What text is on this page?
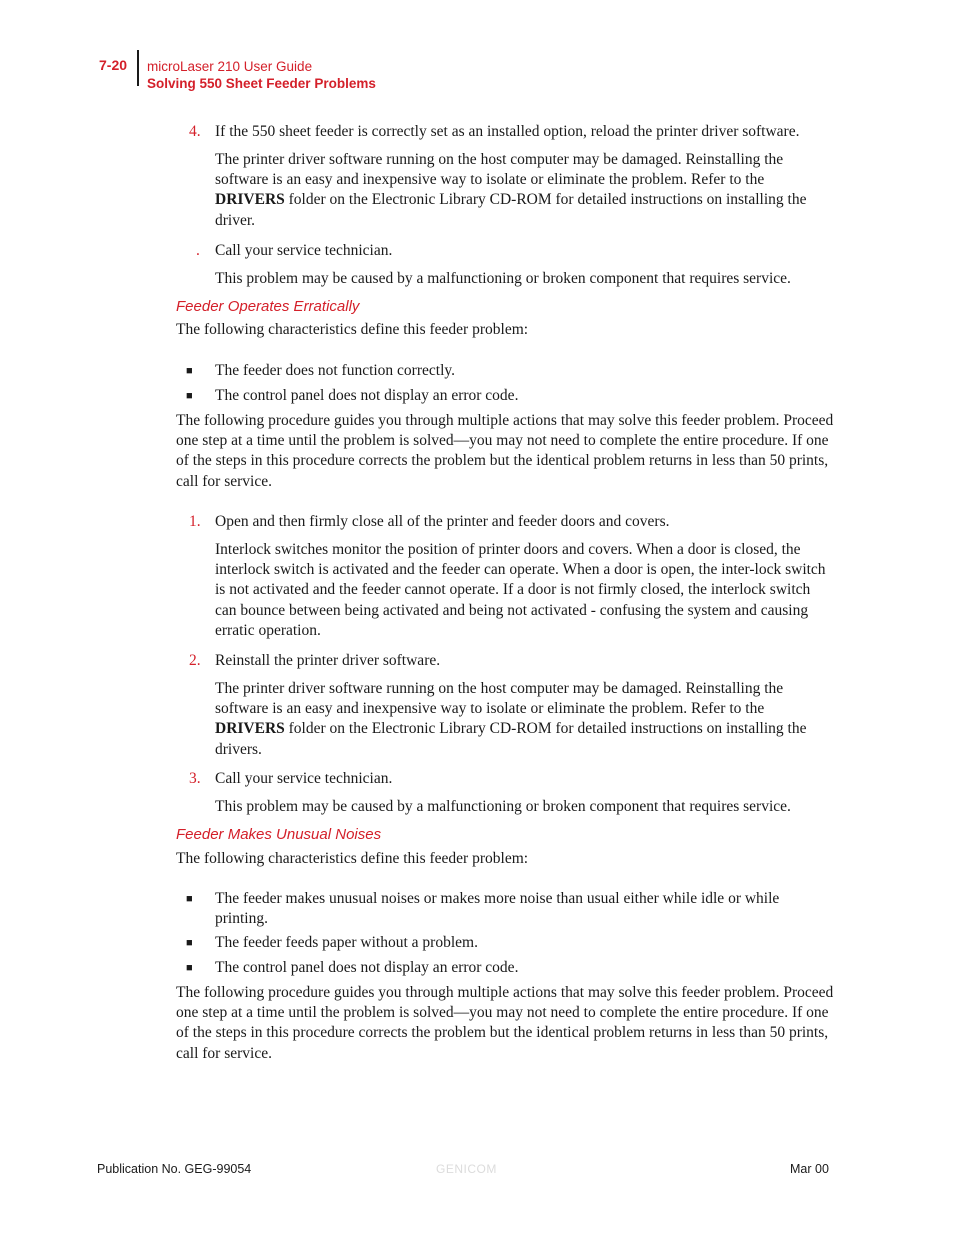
7-20 microLaser 210 User Guide
Solving 550 Sheet Feeder Problems
4. If the 550 sheet feeder is correctly set as an installed option, reload the printer driver software.

The printer driver software running on the host computer may be damaged. Reinstalling the software is an easy and inexpensive way to isolate or eliminate the problem. Refer to the DRIVERS folder on the Electronic Library CD-ROM for detailed instructions on installing the driver.

. Call your service technician.

This problem may be caused by a malfunctioning or broken component that requires service.

Feeder Operates Erratically

The following characteristics define this feeder problem:

■ The feeder does not function correctly.

■ The control panel does not display an error code.

The following procedure guides you through multiple actions that may solve this feeder problem. Proceed one step at a time until the problem is solved—you may not need to complete the entire procedure. If one of the steps in this procedure corrects the problem but the identical problem returns in less than 50 prints, call for service.

1. Open and then firmly close all of the printer and feeder doors and covers.

Interlock switches monitor the position of printer doors and covers. When a door is closed, the interlock switch is activated and the feeder can operate. When a door is open, the inter-lock switch is not activated and the feeder cannot operate. If a door is not firmly closed, the interlock switch can bounce between being activated and being not activated - confusing the system and causing erratic operation.

2. Reinstall the printer driver software.

The printer driver software running on the host computer may be damaged. Reinstalling the software is an easy and inexpensive way to isolate or eliminate the problem. Refer to the DRIVERS folder on the Electronic Library CD-ROM for detailed instructions on installing the drivers.

3. Call your service technician.

This problem may be caused by a malfunctioning or broken component that requires service.

Feeder Makes Unusual Noises

The following characteristics define this feeder problem:

■ The feeder makes unusual noises or makes more noise than usual either while idle or while printing.

■ The feeder feeds paper without a problem.

■ The control panel does not display an error code.

The following procedure guides you through multiple actions that may solve this feeder problem. Proceed one step at a time until the problem is solved—you may not need to complete the entire procedure. If one of the steps in this procedure corrects the problem but the identical problem returns in less than 50 prints, call for service.

Publication No. GEG-99054	GENICOM	Mar 00
